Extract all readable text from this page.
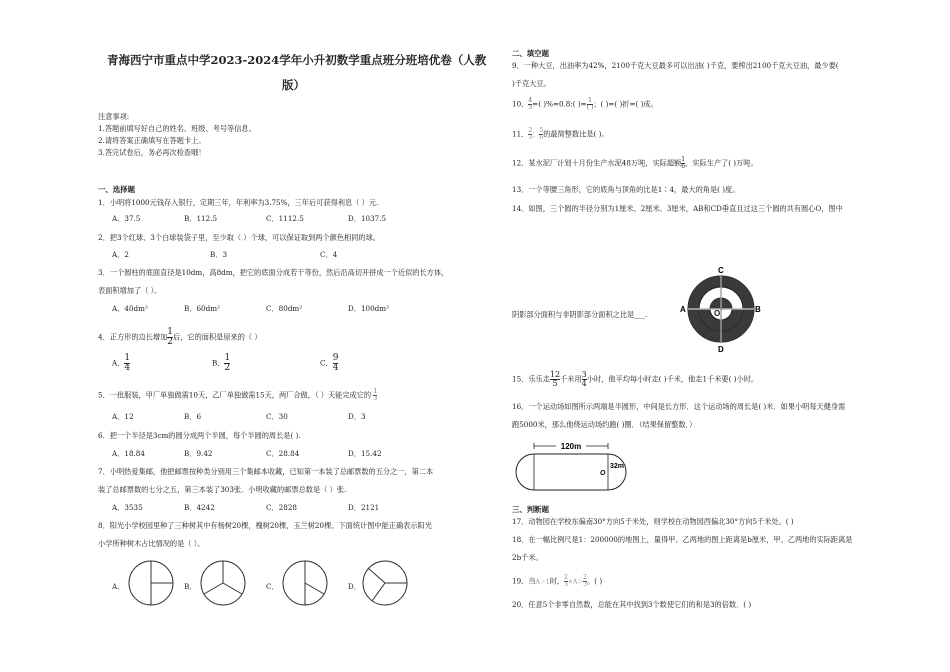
青海西宁市重点中学2023-2024学年小升初数学重点班分班培优卷（人教
版）
注意事项:
1.答题前填写好自己的姓名、班级、考号等信息。
2.请将答案正确填写在答题卡上。
3.答完试卷后，务必再次检查哦！
一、选择题
1．小明将1000元钱存入银行，定期三年，年利率为3.75%，三年后可获得利息（ ）元.
A．37.5	B．112.5	C．1112.5	D．1037.5
2．把3个红球、3个白球装袋子里，至少取（ ）个球，可以保证取到两个颜色相同的球。
A．2	B．3	C．4
3．一个圆柱的底面直径是10dm，高8dm，把它的底面分成若干等份，然后沿高切开拼成一个近似的长方体，
表面积增加了（ ）。
A．40dm²	B．60dm²	C．80dm²	D．100dm²
4．正方形的边长增加 $\frac{1}{2}$ 后，它的面积是原来的（ ）
A． $\frac{1}{4}$	B． $\frac{1}{2}$	C． $\frac{9}{4}$
5．一批服装，甲厂单独做需10天，乙厂单独做需15天，两厂合做，（ ）天能完成它的 $\frac{1}{3}$
A．12	B．6	C．30	D．3
6．把一个半径是3cm的圆分成两个半圆，每个半圆的周长是( ).
A．18.84	B．9.42	C．28.84	D．15.42
7．小明热爱集邮，他把邮票按种类分别用三个集邮本收藏，已知第一本装了总邮票数的五分之一，第二本
装了总邮票数的七分之五，第三本装了303张．小明收藏的邮票总数是（ ）张.
A．3535	B．4242	C．2828	D．2121
8．阳光小学校园里种了三种树其中有杨树20棵，槐树20棵，玉兰树20棵。下面统计图中能正确表示阳光
小学所种树木占比情况的是（ ）。
A．	B．	C．	D．
二、填空题
9．一种大豆，出油率为42%，2100千克大豆最多可以出油( )千克，要榨出2100千克大豆油，最少要(
)千克大豆。
10． $\frac{4}{5}$ =( )%=0.8:( )= $\frac{1}{( )}$ ；( )=( )折=( )成。
11． $\frac{2}{3}$ ； $\frac{5}{6}$ 的最简整数比是( )。
12．某水泥厂计划十月份生产水泥48万吨，实际超额 $\frac{1}{6}$ ，实际生产了( )万吨。
13．一个等腰三角形，它的底角与顶角的比是1∶4，最大的角是( )度。
14．如图，三个圆的半径分别为1厘米、2厘米、3厘米，AB和CD垂直且过这三个圆的共有圆心O，图中
阴影部分面积与非阴影部分面积之比是___.
A	B
C
D
O
15．乐乐走 $\frac{12}{5}$ 千米用 $\frac{3}{4}$ 小时，他平均每小时走( )千米，他走1千米要( )小时。
16．一个运动场如图所示两端是半圆形，中间是长方形．这个运动场的周长是( )米．如果小明每天健身需
跑5000米，那么他绕运动场约跑( )圈．（结果保留整数．）
120m
O
32m
三、判断题
17．动物园在学校东偏南30°方向5千米处，则学校在动物园西偏北30°方向5千米处。( )
18．在一幅比例尺是1：200000的地图上，量得甲、乙两地的图上距离是b厘米，甲、乙两地的实际距离是
2b千米。
19．当A＞1时， $\frac{2}{3} \times A> \frac{2}{3}$ 。( )
20．任意5个非零自然数，总能在其中找到3个数使它们的和是3的倍数．( )
